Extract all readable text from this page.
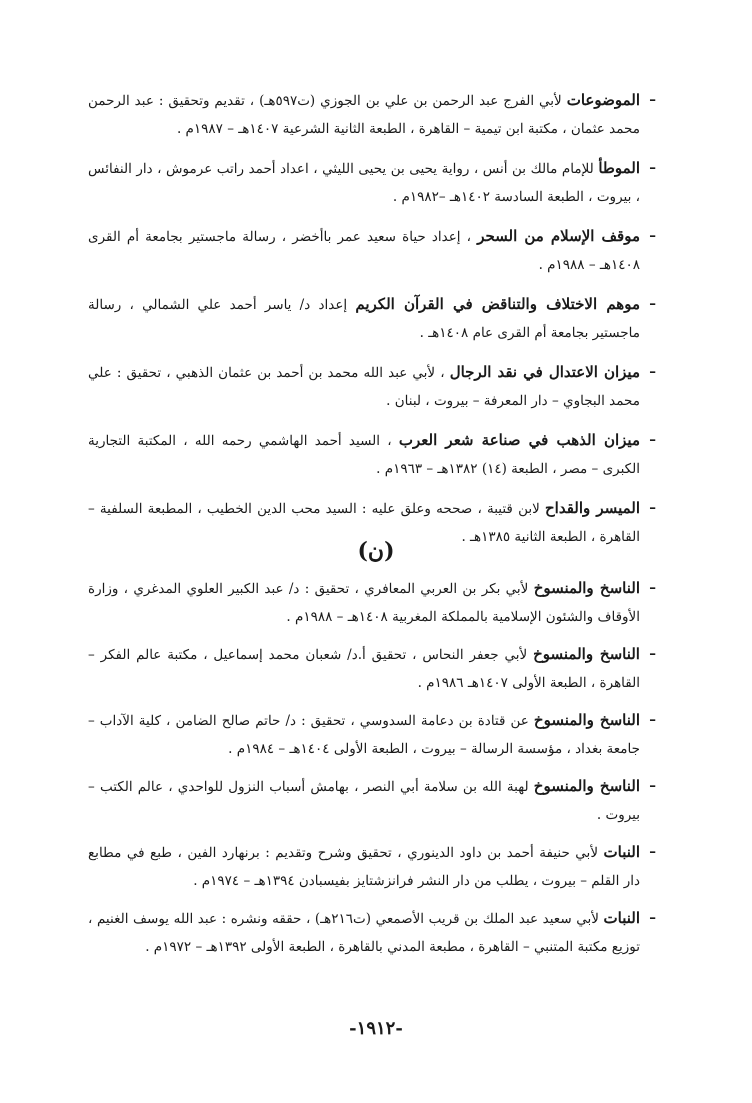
– الموضوعات لأبي الفرج عبد الرحمن بن علي بن الجوزي (ت٥٩٧هـ) ، تقديم وتحقيق : عبد الرحمن محمد عثمان ، مكتبة ابن تيمية – القاهرة ، الطبعة الثانية الشرعية ١٤٠٧هـ – ١٩٨٧م .
– الموطأ للإمام مالك بن أنس ، رواية يحيى بن يحيى الليثي ، اعداد أحمد راتب عرموش ، دار النفائس ، بيروت ، الطبعة السادسة ١٤٠٢هـ –١٩٨٢م .
– موقف الإسلام من السحر ، إعداد حياة سعيد عمر باأخضر ، رسالة ماجستير بجامعة أم القرى ١٤٠٨هـ – ١٩٨٨م .
– موهم الاختلاف والتناقض في القرآن الكريم إعداد د/ ياسر أحمد علي الشمالي ، رسالة ماجستير بجامعة أم القرى عام ١٤٠٨هـ .
– ميزان الاعتدال في نقد الرجال ، لأبي عبد الله محمد بن أحمد بن عثمان الذهبي ، تحقيق : علي محمد البجاوي – دار المعرفة – بيروت ، لبنان .
– ميزان الذهب في صناعة شعر العرب ، السيد أحمد الهاشمي رحمه الله ، المكتبة التجارية الكبرى – مصر ، الطبعة (١٤) ١٣٨٢هـ – ١٩٦٣م .
– الميسر والقداح لابن قتيبة ، صححه وعلق عليه : السيد محب الدين الخطيب ، المطبعة السلفية – القاهرة ، الطبعة الثانية ١٣٨٥هـ .
(ن)
– الناسخ والمنسوخ لأبي بكر بن العربي المعافري ، تحقيق : د/ عبد الكبير العلوي المدغري ، وزارة الأوقاف والشئون الإسلامية بالمملكة المغربية ١٤٠٨هـ – ١٩٨٨م .
– الناسخ والمنسوخ لأبي جعفر النحاس ، تحقيق أ.د/ شعبان محمد إسماعيل ، مكتبة عالم الفكر – القاهرة ، الطبعة الأولى ١٤٠٧هـ ١٩٨٦م .
– الناسخ والمنسوخ عن قتادة بن دعامة السدوسي ، تحقيق : د/ حاتم صالح الضامن ، كلية الآداب – جامعة بغداد ، مؤسسة الرسالة – بيروت ، الطبعة الأولى ١٤٠٤هـ – ١٩٨٤م .
– الناسخ والمنسوخ لهبة الله بن سلامة أبي النصر ، بهامش أسباب النزول للواحدي ، عالم الكتب – بيروت .
– النبات لأبي حنيفة أحمد بن داود الدينوري ، تحقيق وشرح وتقديم : برنهارد الفين ، طبع في مطابع دار القلم – بيروت ، يطلب من دار النشر فرانزشتايز بفيسبادن ١٣٩٤هـ – ١٩٧٤م .
– النبات لأبي سعيد عبد الملك بن قريب الأصمعي (ت٢١٦هـ) ، حققه ونشره : عبد الله يوسف الغنيم ، توزيع مكتبة المتنبي – القاهرة ، مطبعة المدني بالقاهرة ، الطبعة الأولى ١٣٩٢هـ – ١٩٧٢م .
-١٩١٢-
